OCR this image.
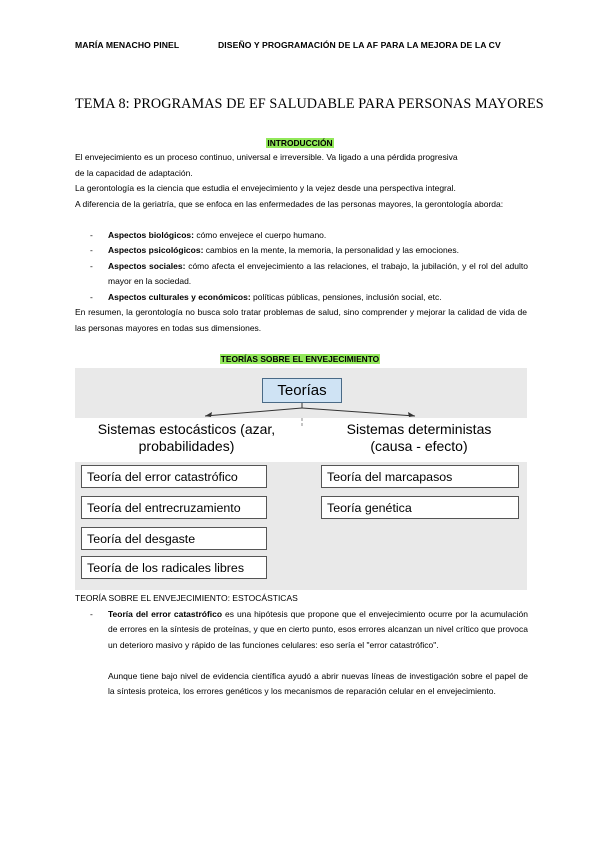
MARÍA MENACHO PINEL	DISEÑO Y PROGRAMACIÓN DE LA AF PARA LA MEJORA DE LA CV
TEMA 8: PROGRAMAS DE EF SALUDABLE PARA PERSONAS MAYORES
INTRODUCCIÓN
El envejecimiento es un proceso continuo, universal e irreversible. Va ligado a una pérdida progresiva
de la capacidad de adaptación.
La gerontología es la ciencia que estudia el envejecimiento y la vejez desde una perspectiva integral.
A diferencia de la geriatría, que se enfoca en las enfermedades de las personas mayores, la gerontología aborda:
- Aspectos biológicos: cómo envejece el cuerpo humano.
- Aspectos psicológicos: cambios en la mente, la memoria, la personalidad y las emociones.
- Aspectos sociales: cómo afecta el envejecimiento a las relaciones, el trabajo, la jubilación, y el rol del adulto mayor en la sociedad.
- Aspectos culturales y económicos: políticas públicas, pensiones, inclusión social, etc.
En resumen, la gerontología no busca solo tratar problemas de salud, sino comprender y mejorar la calidad de vida de las personas mayores en todas sus dimensiones.
TEORÍAS SOBRE EL ENVEJECIMIENTO
Teorías
Sistemas estocásticos (azar,
probabilidades)
Sistemas deterministas
(causa - efecto)
Teoría del error catastrófico
Teoría del entrecruzamiento
Teoría del desgaste
Teoría de los radicales libres
Teoría del marcapasos
Teoría genética
TEORÍA SOBRE EL ENVEJECIMIENTO: ESTOCÁSTICAS
- Teoría del error catastrófico es una hipótesis que propone que el envejecimiento ocurre por la acumulación de errores en la síntesis de proteínas, y que en cierto punto, esos errores alcanzan un nivel crítico que provoca un deterioro masivo y rápido de las funciones celulares: eso sería el "error catastrófico".
Aunque tiene bajo nivel de evidencia científica ayudó a abrir nuevas líneas de investigación sobre el papel de la síntesis proteica, los errores genéticos y los mecanismos de reparación celular en el envejecimiento.
